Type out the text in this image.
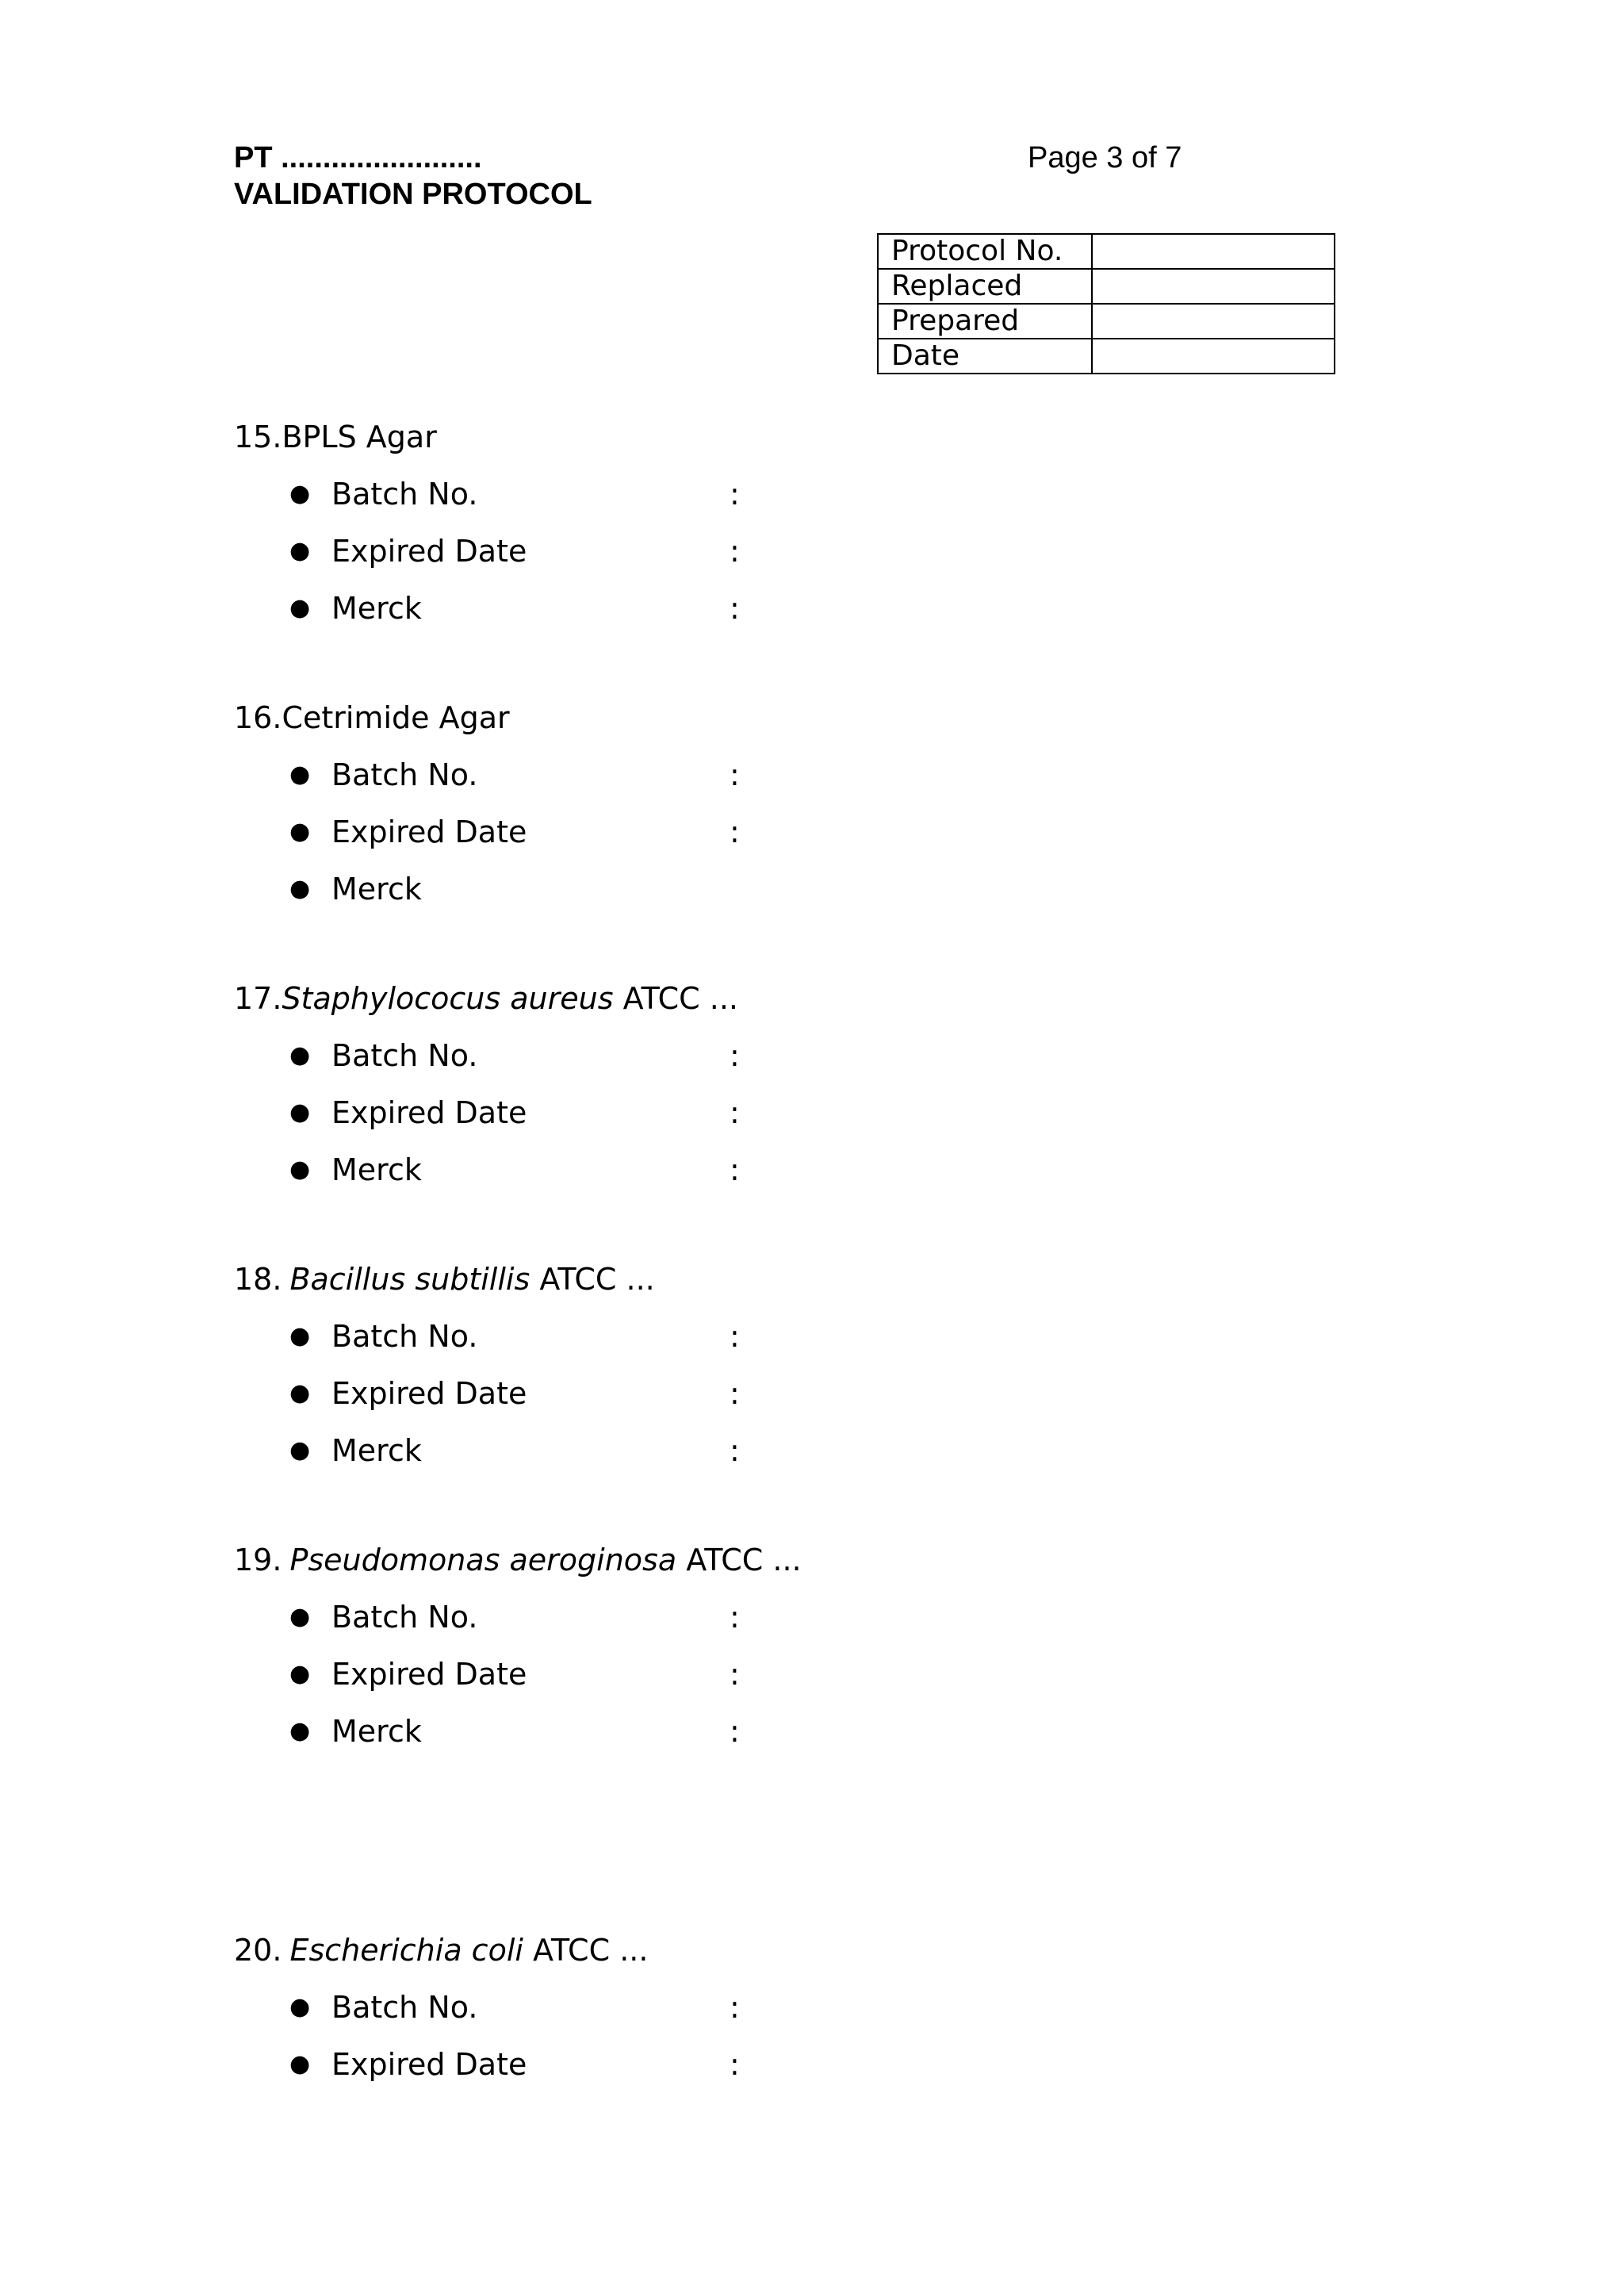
PT ........................
VALIDATION PROTOCOL
Page 3 of 7
Protocol No.	
Replaced	
Prepared	
Date	
15.BPLS Agar
● Batch No.	:
● Expired Date	:
● Merck	:
16.Cetrimide Agar
● Batch No.	:
● Expired Date	:
● Merck
17.Staphylococus aureus ATCC ...
● Batch No.	:
● Expired Date	:
● Merck	:
18. Bacillus subtillis ATCC ...
● Batch No.	:
● Expired Date	:
● Merck	:
19. Pseudomonas aeroginosa ATCC ...
● Batch No.	:
● Expired Date	:
● Merck	:
20. Escherichia coli ATCC ...
● Batch No.	:
● Expired Date	:
